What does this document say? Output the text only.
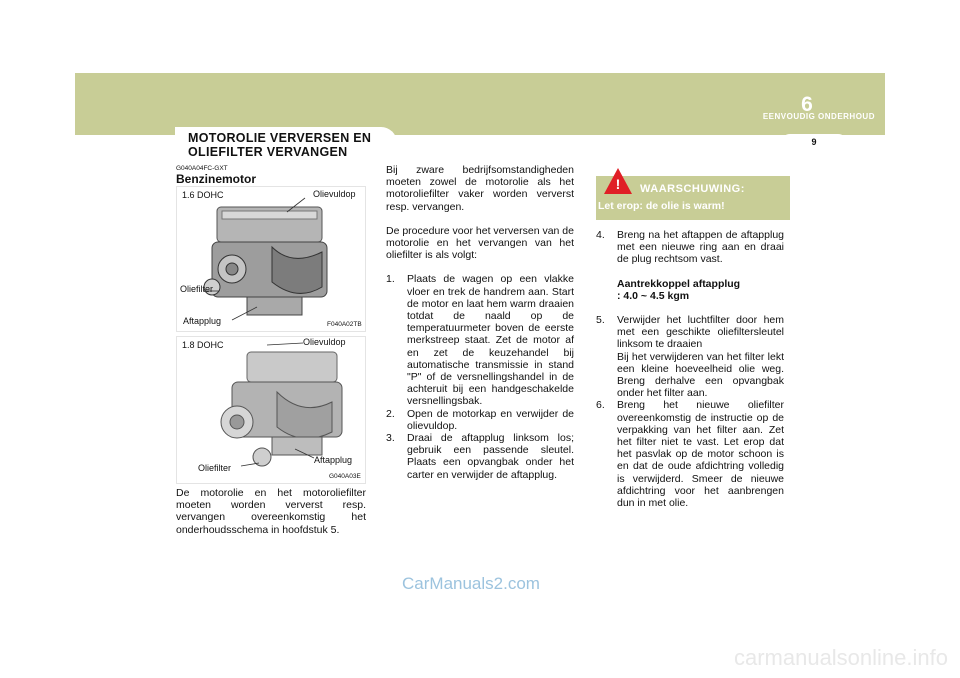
EENVOUDIG ONDERHOUD
6
9
MOTOROLIE VERVERSEN EN OLIEFILTER VERVANGEN
G040A04FC-GXT
Benzinemotor
1.6 DOHC	Olievuldop
Oliefilter
Aftapplug	F040A02TB
1.8 DOHC	Olievuldop
Oliefilter
Aftapplug
G040A03E
De motorolie en het motoroliefilter moeten worden ververst resp. vervangen overeenkomstig het onderhoudsschema in hoofdstuk 5.

Bij zware bedrijfsomstandigheden moeten zowel de motorolie als het motoroliefilter vaker worden ververst resp. vervangen.

De procedure voor het verversen van de motorolie en het vervangen van het oliefilter is als volgt:

1. Plaats de wagen op een vlakke vloer en trek de handrem aan. Start de motor en laat hem warm draaien totdat de naald op de temperatuurmeter boven de eerste merkstreep staat. Zet de motor af en zet de keuzehandel bij automatische transmissie in stand "P" of de versnellingshandel in de achteruit bij een handgeschakelde versnellingsbak.
2. Open de motorkap en verwijder de olievuldop.
3. Draai de aftapplug linksom los; gebruik een passende sleutel. Plaats een opvangbak onder het carter en verwijder de aftapplug.
!	WAARSCHUWING:
Let erop: de olie is warm!
4. Breng na het aftappen de aftapplug met een nieuwe ring aan en draai de plug rechtsom vast.
Aantrekkoppel aftapplug
: 4.0 ~ 4.5 kgm
5. Verwijder het luchtfilter door hem met een geschikte oliefiltersleutel linksom te draaien
Bij het verwijderen van het filter lekt een kleine hoeveelheid olie weg. Breng derhalve een opvangbak onder het filter aan.
6. Breng het nieuwe oliefilter overeenkomstig de instructie op de verpakking van het filter aan. Zet het filter niet te vast. Let erop dat het pasvlak op de motor schoon is en dat de oude afdichtring volledig is verwijderd. Smeer de nieuwe afdichtring voor het aanbrengen dun in met olie.
CarManuals2.com
carmanualsonline.info
